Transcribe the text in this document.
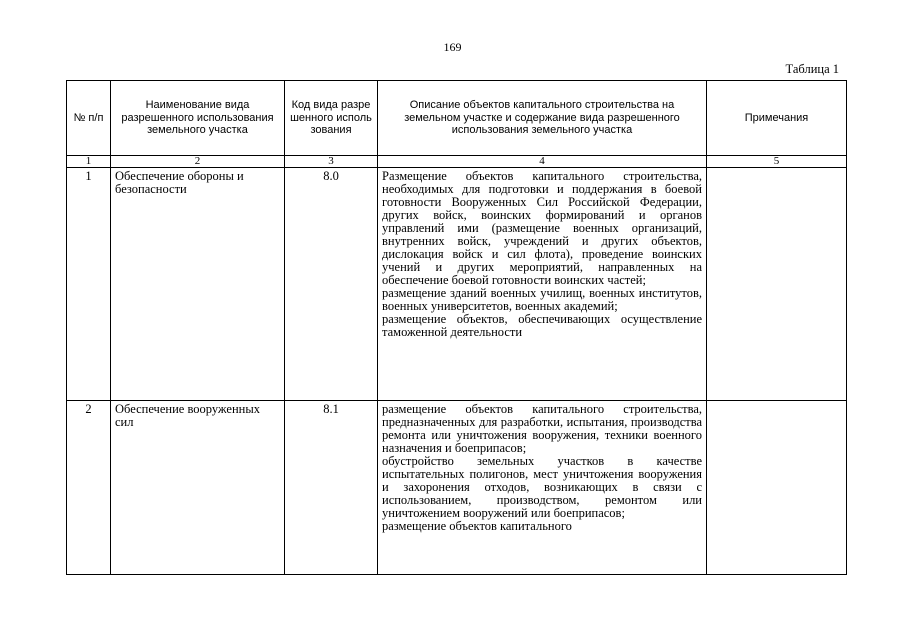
169
Таблица 1
№ п/п	Наименование вида разрешенного использования земельного участка	Код вида разрешенного использования	Описание объектов капитального строительства на земельном участке и содержание вида разрешенного использования земельного участка	Примечания
1	2	3	4	5
1	Обеспечение обороны и безопасности	8.0	Размещение объектов капитального строительства, необходимых для подготовки и поддержания в боевой готовности Вооруженных Сил Российской Федерации, других войск, воинских формирований и органов управлений ими (размещение военных организаций, внутренних войск, учреждений и других объектов, дислокация войск и сил флота), проведение воинских учений и других мероприятий, направленных на обеспечение боевой готовности воинских частей;

размещение зданий военных училищ, военных институтов, военных университетов, военных академий;

размещение объектов, обеспечивающих осуществление таможенной деятельности	

2	Обеспечение вооруженных сил	8.1	размещение объектов капитального строительства, предназначенных для разработки, испытания, производства ремонта или уничтожения вооружения, техники военного назначения и боеприпасов;

обустройство земельных участков в качестве испытательных полигонов, мест уничтожения вооружения и захоронения отходов, возникающих в связи с использованием, производством, ремонтом или уничтожением вооружений или боеприпасов;

размещение объектов капитального	
